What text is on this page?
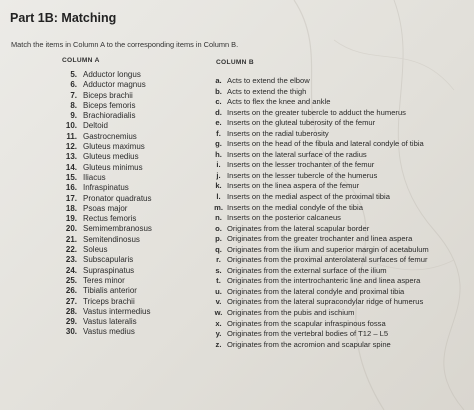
Part 1B: Matching
Match the items in Column A to the corresponding items in Column B.
COLUMN A	COLUMN B
5. Adductor longus
6. Adductor magnus
7. Biceps brachii
8. Biceps femoris
9. Brachioradialis
10. Deltoid
11. Gastrocnemius
12. Gluteus maximus
13. Gluteus medius
14. Gluteus minimus
15. Iliacus
16. Infraspinatus
17. Pronator quadratus
18. Psoas major
19. Rectus femoris
20. Semimembranosus
21. Semitendinosus
22. Soleus
23. Subscapularis
24. Supraspinatus
25. Teres minor
26. Tibialis anterior
27. Triceps brachii
28. Vastus intermedius
29. Vastus lateralis
30. Vastus medius
a. Acts to extend the elbow
b. Acts to extend the thigh
c. Acts to flex the knee and ankle
d. Inserts on the greater tubercle to adduct the humerus
e. Inserts on the gluteal tuberosity of the femur
f. Inserts on the radial tuberosity
g. Inserts on the head of the fibula and lateral condyle of tibia
h. Inserts on the lateral surface of the radius
i. Inserts on the lesser trochanter of the femur
j. Inserts on the lesser tubercle of the humerus
k. Inserts on the linea aspera of the femur
l. Inserts on the medial aspect of the proximal tibia
m. Inserts on the medial condyle of the tibia
n. Inserts on the posterior calcaneus
o. Originates from the lateral scapular border
p. Originates from the greater trochanter and linea aspera
q. Originates from the ilium and superior margin of acetabulum
r. Originates from the proximal anterolateral surfaces of femur
s. Originates from the external surface of the ilium
t. Originates from the intertrochanteric line and linea aspera
u. Originates from the lateral condyle and proximal tibia
v. Originates from the lateral supracondylar ridge of humerus
w. Originates from the pubis and ischium
x. Originates from the scapular infraspinous fossa
y. Originates from the vertebral bodies of T12 – L5
z. Originates from the acromion and scapular spine
